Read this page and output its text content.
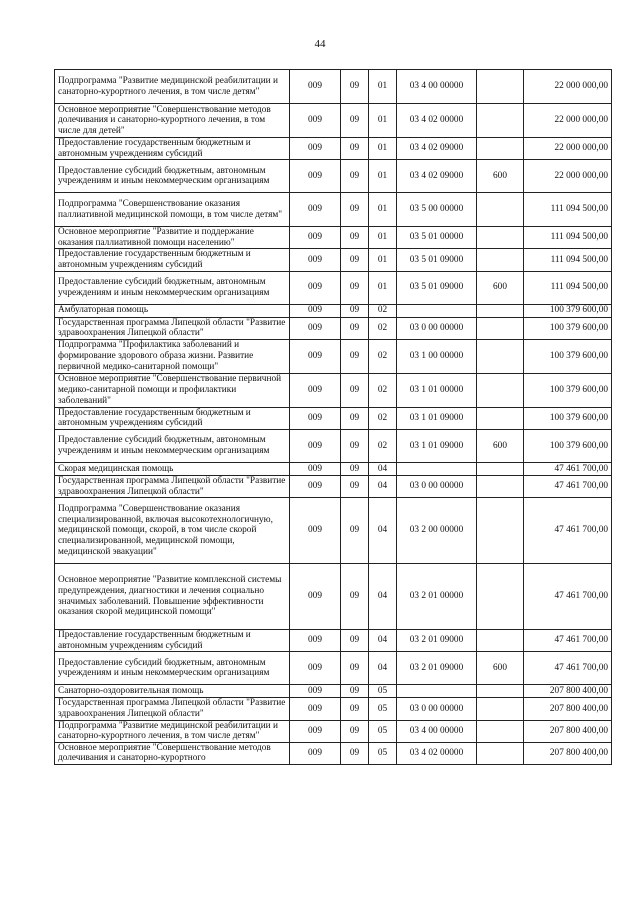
44
Подпрограмма "Развитие медицинской реабилитации и санаторно-курортного лечения, в том числе детям"	009	09	01	03 4 00 00000		22 000 000,00
Основное мероприятие "Совершенствование методов долечивания и санаторно-курортного лечения, в том числе для детей"	009	09	01	03 4 02 00000		22 000 000,00
Предоставление государственным бюджетным и автономным учреждениям субсидий	009	09	01	03 4 02 09000		22 000 000,00
Предоставление субсидий бюджетным, автономным учреждениям и иным некоммерческим организациям	009	09	01	03 4 02 09000	600	22 000 000,00
Подпрограмма "Совершенствование оказания паллиативной медицинской помощи, в том числе детям"	009	09	01	03 5 00 00000		111 094 500,00
Основное мероприятие "Развитие и поддержание оказания паллиативной помощи населению"	009	09	01	03 5 01 00000		111 094 500,00
Предоставление государственным бюджетным и автономным учреждениям субсидий	009	09	01	03 5 01 09000		111 094 500,00
Предоставление субсидий бюджетным, автономным учреждениям и иным некоммерческим организациям	009	09	01	03 5 01 09000	600	111 094 500,00
Амбулаторная помощь	009	09	02			100 379 600,00
Государственная программа Липецкой области "Развитие здравоохранения Липецкой области"	009	09	02	03 0 00 00000		100 379 600,00
Подпрограмма "Профилактика заболеваний и формирование здорового образа жизни. Развитие первичной медико-санитарной помощи"	009	09	02	03 1 00 00000		100 379 600,00
Основное мероприятие "Совершенствование первичной медико-санитарной помощи и профилактики заболеваний"	009	09	02	03 1 01 00000		100 379 600,00
Предоставление государственным бюджетным и автономным учреждениям субсидий	009	09	02	03 1 01 09000		100 379 600,00
Предоставление субсидий бюджетным, автономным учреждениям и иным некоммерческим организациям	009	09	02	03 1 01 09000	600	100 379 600,00
Скорая медицинская помощь	009	09	04			47 461 700,00
Государственная программа Липецкой области "Развитие здравоохранения Липецкой области"	009	09	04	03 0 00 00000		47 461 700,00
Подпрограмма "Совершенствование оказания специализированной, включая высокотехнологичную, медицинской помощи, скорой, в том числе скорой специализированной, медицинской помощи, медицинской эвакуации"	009	09	04	03 2 00 00000		47 461 700,00
Основное мероприятие "Развитие комплексной системы предупреждения, диагностики и лечения социально значимых заболеваний. Повышение эффективности оказания скорой медицинской помощи"	009	09	04	03 2 01 00000		47 461 700,00
Предоставление государственным бюджетным и автономным учреждениям субсидий	009	09	04	03 2 01 09000		47 461 700,00
Предоставление субсидий бюджетным, автономным учреждениям и иным некоммерческим организациям	009	09	04	03 2 01 09000	600	47 461 700,00
Санаторно-оздоровительная помощь	009	09	05			207 800 400,00
Государственная программа Липецкой области "Развитие здравоохранения Липецкой области"	009	09	05	03 0 00 00000		207 800 400,00
Подпрограмма "Развитие медицинской реабилитации и санаторно-курортного лечения, в том числе детям"	009	09	05	03 4 00 00000		207 800 400,00
Основное мероприятие "Совершенствование методов долечивания и санаторно-курортного	009	09	05	03 4 02 00000		207 800 400,00
